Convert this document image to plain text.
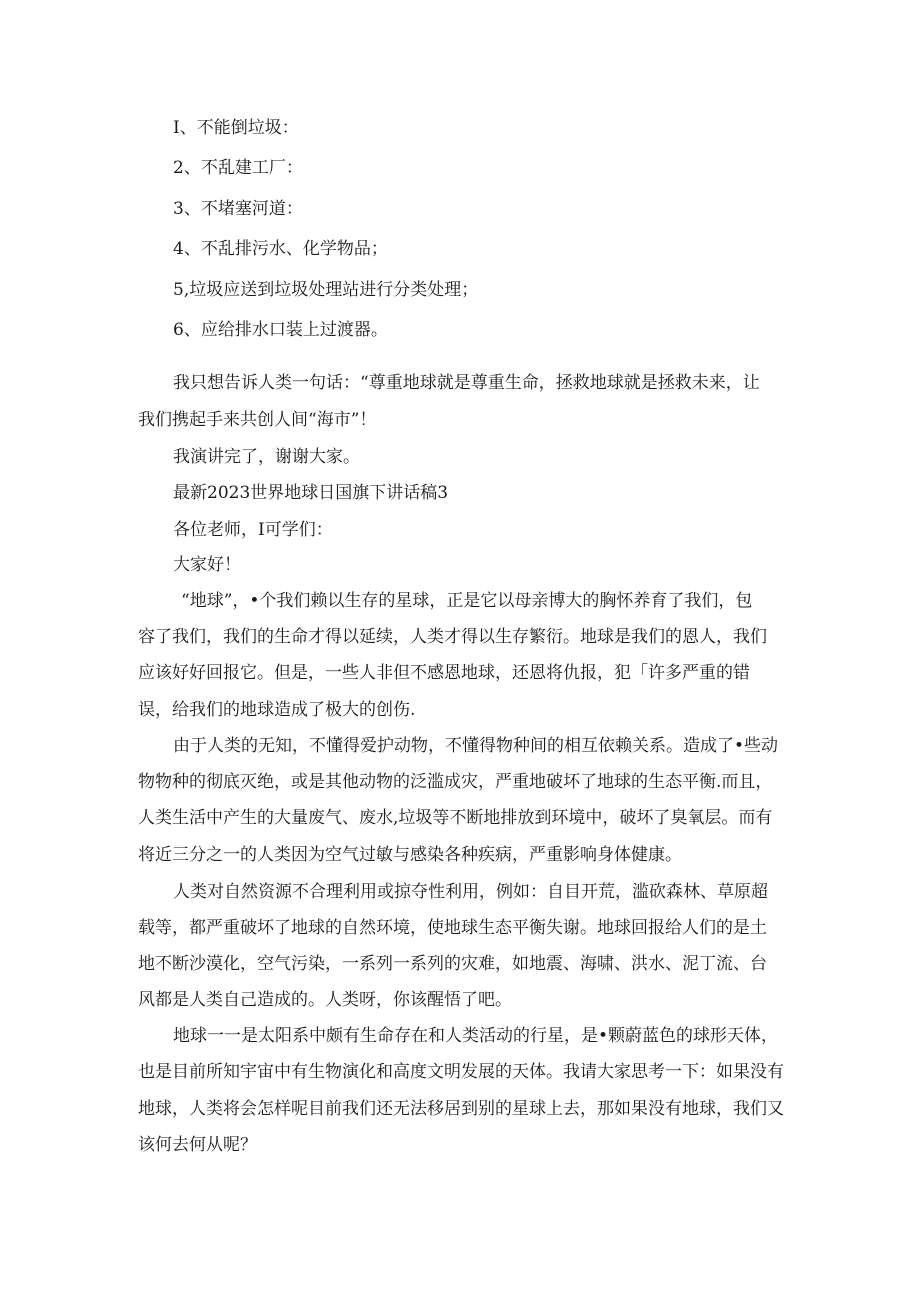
I、不能倒垃圾：
2、不乱建工厂：
3、不堵塞河道：
4、不乱排污水、化学物品；
5,垃圾应送到垃圾处理站进行分类处理；
6、应给排水口装上过渡器。
我只想告诉人类一句话：“尊重地球就是尊重生命，拯救地球就是拯救未来，让
我们携起手来共创人间“海市”！
我演讲完了，谢谢大家。
最新2023世界地球日国旗下讲话稿3
各位老师，I可学们：
大家好！
“地球”，•个我们赖以生存的星球，正是它以母亲博大的胸怀养育了我们，包
容了我们，我们的生命才得以延续，人类才得以生存繁衍。地球是我们的恩人，我们
应该好好回报它。但是，一些人非但不感恩地球，还恩将仇报，犯「许多严重的错
误，给我们的地球造成了极大的创伤.
由于人类的无知，不懂得爱护动物，不懂得物种间的相互依赖关系。造成了•些动
物物种的彻底灭绝，或是其他动物的泛滥成灾，严重地破坏了地球的生态平衡.而且，
人类生活中产生的大量废气、废水,垃圾等不断地排放到环境中，破坏了臭氧层。而有
将近三分之一的人类因为空气过敏与感染各种疾病，严重影响身体健康。
人类对自然资源不合理利用或掠夺性利用，例如：自目开荒，滥砍森林、草原超
载等，都严重破坏了地球的自然环境，使地球生态平衡失谢。地球回报给人们的是土
地不断沙漠化，空气污染，一系列一系列的灾难，如地震、海啸、洪水、泥丁流、台
风都是人类自己造成的。人类呀，你该醒悟了吧。
地球一一是太阳系中颇有生命存在和人类活动的行星，是•颗蔚蓝色的球形天体，
也是目前所知宇宙中有生物演化和高度文明发展的天体。我请大家思考一下：如果没有
地球，人类将会怎样呢目前我们还无法移居到别的星球上去，那如果没有地球，我们又
该何去何从呢？
